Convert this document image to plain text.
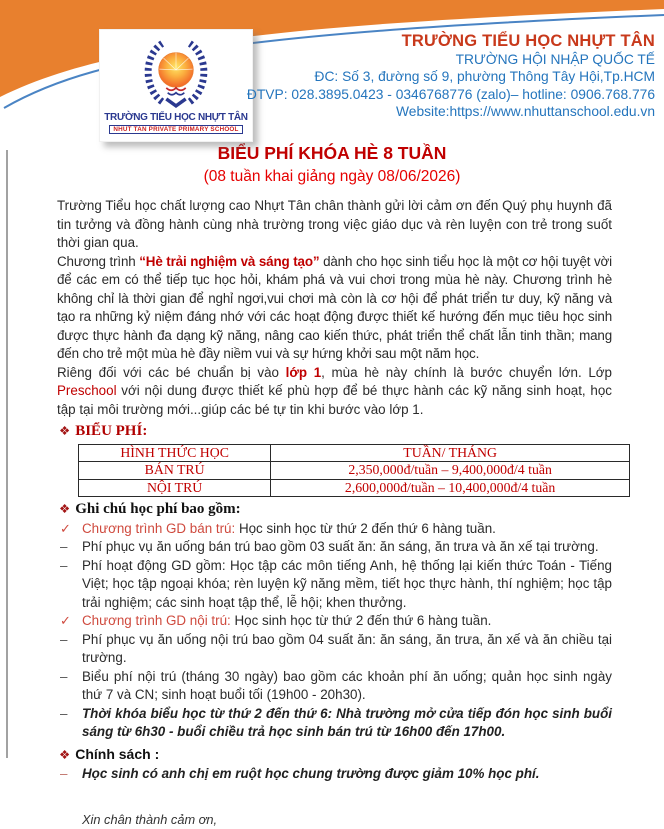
TRƯỜNG TIỂU HỌC NHỰT TÂN
NHUT TAN PRIVATE PRIMARY SCHOOL
TRƯỜNG TIỂU HỌC NHỰT TÂN
TRƯỜNG HỘI NHẬP QUỐC TẾ
ĐC: Số 3, đường số 9, phường Thông Tây Hội,Tp.HCM
ĐTVP: 028.3895.0423 - 0346768776 (zalo)– hotline: 0906.768.776
Website:https://www.nhuttanschool.edu.vn
BIỂU PHÍ KHÓA HÈ 8 TUẦN
(08 tuần khai giảng ngày 08/06/2026)

Trường Tiểu học chất lượng cao Nhựt Tân chân thành gửi lời cảm ơn đến Quý phụ huynh đã tin tưởng và đồng hành cùng nhà trường trong việc giáo dục và rèn luyện con trẻ trong suốt thời gian qua.

Chương trình “Hè trải nghiệm và sáng tạo” dành cho học sinh tiểu học là một cơ hội tuyệt vời để các em có thể tiếp tục học hỏi, khám phá và vui chơi trong mùa hè này. Chương trình hè không chỉ là thời gian để nghỉ ngơi,vui chơi mà còn là cơ hội để phát triển tư duy, kỹ năng và tạo ra những kỷ niệm đáng nhớ với các hoạt động được thiết kế hướng đến mục tiêu học sinh được thực hành đa dạng kỹ năng, nâng cao kiến thức, phát triển thể chất lẫn tinh thần; mang đến cho trẻ một mùa hè đầy niềm vui và sự hứng khởi sau một năm học.

Riêng đối với các bé chuẩn bị vào lớp 1, mùa hè này chính là bước chuyển lớn. Lớp Preschool với nội dung được thiết kế phù hợp để bé thực hành các kỹ năng sinh hoạt, học tập tại môi trường mới...giúp các bé tự tin khi bước vào lớp 1.

❖ BIỂU PHÍ:
HÌNH THỨC HỌC	TUẦN/ THÁNG
BÁN TRÚ	2,350,000đ/tuần – 9,400,000đ/4 tuần
NỘI TRÚ	2,600,000đ/tuần – 10,400,000đ/4 tuần
❖ Ghi chú học phí bao gồm:
✓ Chương trình GD bán trú: Học sinh học từ thứ 2 đến thứ 6 hàng tuần.
–	Phí phục vụ ăn uống bán trú bao gồm 03 suất ăn: ăn sáng, ăn trưa và ăn xế tại trường.
–	Phí hoạt động GD gồm: Học tập các môn tiếng Anh, hệ thống lại kiến thức Toán - Tiếng Việt; học tập ngoại khóa; rèn luyện kỹ năng mềm, tiết học thực hành, thí nghiệm; học tập trải nghiệm; các sinh hoạt tập thể, lễ hội; khen thưởng.
✓ Chương trình GD nội trú: Học sinh học từ thứ 2 đến thứ 6 hàng tuần.
–	Phí phục vụ ăn uống nội trú bao gồm 04 suất ăn: ăn sáng, ăn trưa, ăn xế và ăn chiều tại trường.
–	Biểu phí nội trú (tháng 30 ngày) bao gồm các khoản phí ăn uống; quản học sinh ngày thứ 7 và CN; sinh hoạt buổi tối (19h00 - 20h30).
–	Thời khóa biểu học từ thứ 2 đến thứ 6: Nhà trường mở cửa tiếp đón học sinh buổi sáng từ 6h30 - buổi chiều trả học sinh bán trú từ 16h00 đến 17h00.
❖ Chính sách :
–	Học sinh có anh chị em ruột học chung trường được giảm 10% học phí.
Xin chân thành cảm ơn,
